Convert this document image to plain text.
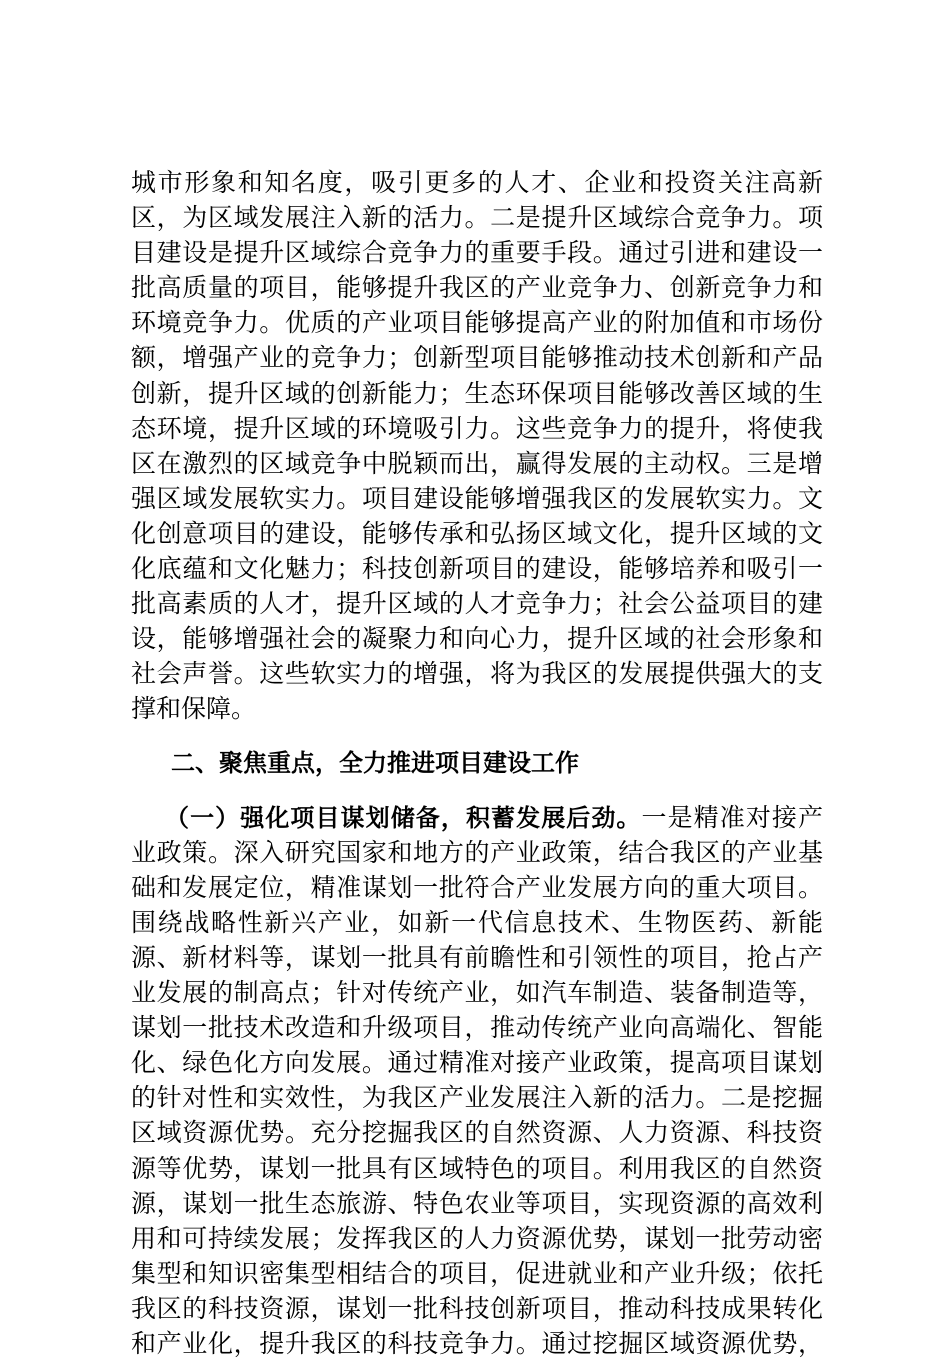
城市形象和知名度，吸引更多的人才、企业和投资关注高新
区，为区域发展注入新的活力。二是提升区域综合竞争力。项
目建设是提升区域综合竞争力的重要手段。通过引进和建设一
批高质量的项目，能够提升我区的产业竞争力、创新竞争力和
环境竞争力。优质的产业项目能够提高产业的附加值和市场份
额，增强产业的竞争力；创新型项目能够推动技术创新和产品
创新，提升区域的创新能力；生态环保项目能够改善区域的生
态环境，提升区域的环境吸引力。这些竞争力的提升，将使我
区在激烈的区域竞争中脱颖而出，赢得发展的主动权。三是增
强区域发展软实力。项目建设能够增强我区的发展软实力。文
化创意项目的建设，能够传承和弘扬区域文化，提升区域的文
化底蕴和文化魅力；科技创新项目的建设，能够培养和吸引一
批高素质的人才，提升区域的人才竞争力；社会公益项目的建
设，能够增强社会的凝聚力和向心力，提升区域的社会形象和
社会声誉。这些软实力的增强，将为我区的发展提供强大的支
撑和保障。
二、聚焦重点，全力推进项目建设工作
（一）强化项目谋划储备，积蓄发展后劲。一是精准对接产
业政策。深入研究国家和地方的产业政策，结合我区的产业基
础和发展定位，精准谋划一批符合产业发展方向的重大项目。
围绕战略性新兴产业，如新一代信息技术、生物医药、新能
源、新材料等，谋划一批具有前瞻性和引领性的项目，抢占产
业发展的制高点；针对传统产业，如汽车制造、装备制造等，
谋划一批技术改造和升级项目，推动传统产业向高端化、智能
化、绿色化方向发展。通过精准对接产业政策，提高项目谋划
的针对性和实效性，为我区产业发展注入新的活力。二是挖掘
区域资源优势。充分挖掘我区的自然资源、人力资源、科技资
源等优势，谋划一批具有区域特色的项目。利用我区的自然资
源，谋划一批生态旅游、特色农业等项目，实现资源的高效利
用和可持续发展；发挥我区的人力资源优势，谋划一批劳动密
集型和知识密集型相结合的项目，促进就业和产业升级；依托
我区的科技资源，谋划一批科技创新项目，推动科技成果转化
和产业化，提升我区的科技竞争力。通过挖掘区域资源优势，
